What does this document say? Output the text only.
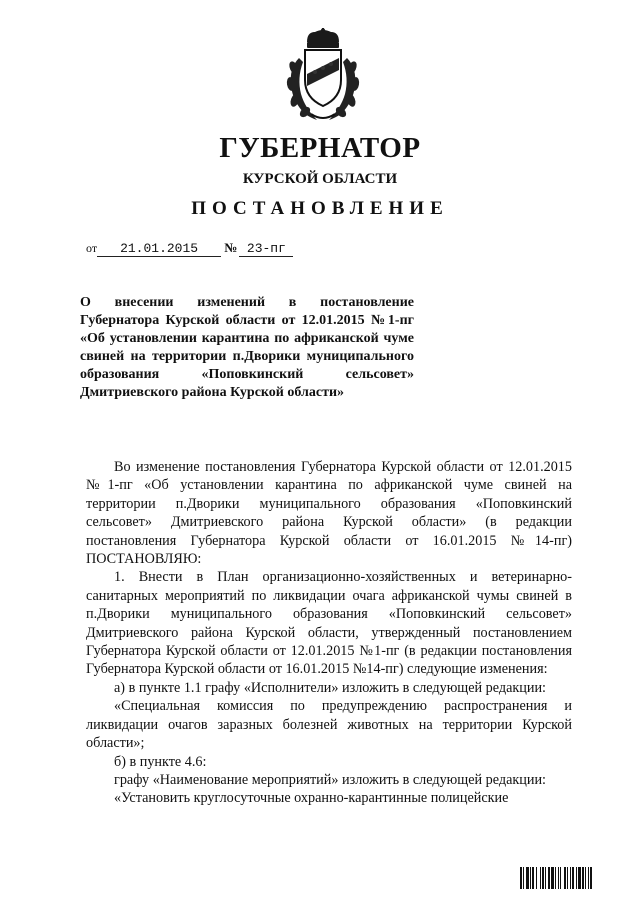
ГУБЕРНАТОР
КУРСКОЙ ОБЛАСТИ
ПОСТАНОВЛЕНИЕ
от 21.01.2015 № 23-пг

О внесении изменений в постановление Губернатора Курской области от 12.01.2015 №1-пг «Об установлении карантина по африканской чуме свиней на территории п.Дворики муниципального образования «Поповкинский сельсовет» Дмитриевского района Курской области»

Во изменение постановления Губернатора Курской области от 12.01.2015 №1-пг «Об установлении карантина по африканской чуме свиней на территории п.Дворики муниципального образования «Поповкинский сельсовет» Дмитриевского района Курской области» (в редакции постановления Губернатора Курской области от 16.01.2015 №14-пг) ПОСТАНОВЛЯЮ:

1. Внести в План организационно-хозяйственных и ветеринарно-санитарных мероприятий по ликвидации очага африканской чумы свиней в п.Дворики муниципального образования «Поповкинский сельсовет» Дмитриевского района Курской области, утвержденный постановлением Губернатора Курской области от 12.01.2015 №1-пг (в редакции постановления Губернатора Курской области от 16.01.2015 №14-пг) следующие изменения:

а) в пункте 1.1 графу «Исполнители» изложить в следующей редакции:

«Специальная комиссия по предупреждению распространения и ликвидации очагов заразных болезней животных на территории Курской области»;

б) в пункте 4.6:

графу «Наименование мероприятий» изложить в следующей редакции:

«Установить круглосуточные охранно-карантинные полицейские
